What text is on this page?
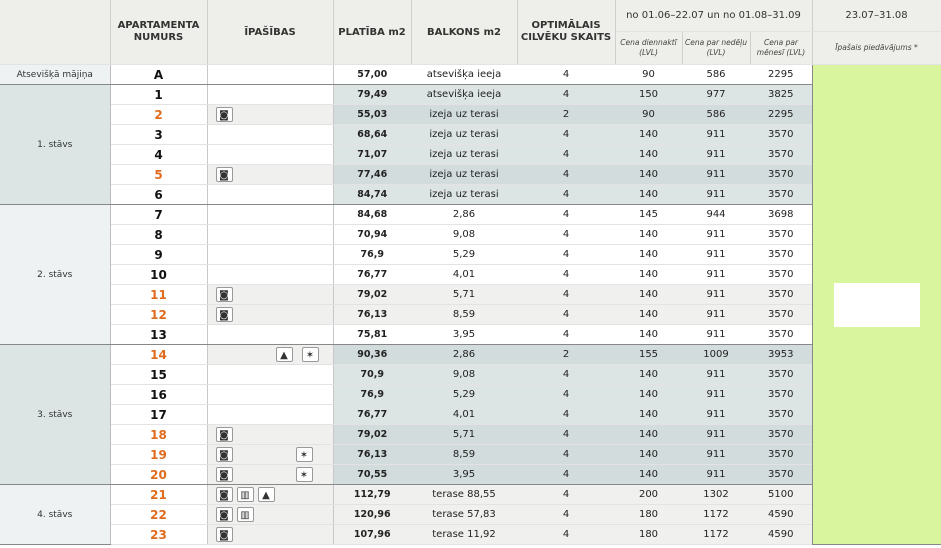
	APARTAMENTA NUMURS	ĪPAŠĪBAS	PLATĪBA m2	BALKONS m2	OPTIMĀLAIS CILVĒKU SKAITS	no 01.06–22.07 un no 01.08–31.09			23.07–31.08
						Cena diennaktī (LVL)	Cena par nedēļu (LVL)	Cena par mēnesī (LVL)	Īpašais piedāvājums *
Atsevišķā mājiņa	A		57,00	atsevišķa ieeja	4	90	586	2295	

1. stāvs	1		79,49	atsevišķa ieeja	4	150	977	3825	
	2	◙	55,03	izeja uz terasi	2	90	586	2295	
	3		68,64	izeja uz terasi	4	140	911	3570	
	4		71,07	izeja uz terasi	4	140	911	3570	
	5	◙	77,46	izeja uz terasi	4	140	911	3570	
	6		84,74	izeja uz terasi	4	140	911	3570	
2. stāvs	7		84,68	2,86	4	145	944	3698	
	8		70,94	9,08	4	140	911	3570	
	9		76,9	5,29	4	140	911	3570	
	10		76,77	4,01	4	140	911	3570	
	11	◙	79,02	5,71	4	140	911	3570	
	12	◙	76,13	8,59	4	140	911	3570	
	13		75,81	3,95	4	140	911	3570	
3. stāvs	14	▲ ✶	90,36	2,86	2	155	1009	3953	
	15		70,9	9,08	4	140	911	3570	
	16		76,9	5,29	4	140	911	3570	
	17		76,77	4,01	4	140	911	3570	
	18	◙	79,02	5,71	4	140	911	3570	
	19	◙ ✶	76,13	8,59	4	140	911	3570	
	20	◙ ✶	70,55	3,95	4	140	911	3570	
4. stāvs	21	◙ ▥ ▲	112,79	terase 88,55	4	200	1302	5100	
	22	◙ ▥	120,96	terase 57,83	4	180	1172	4590	
	23	◙	107,96	terase 11,92	4	180	1172	4590	
